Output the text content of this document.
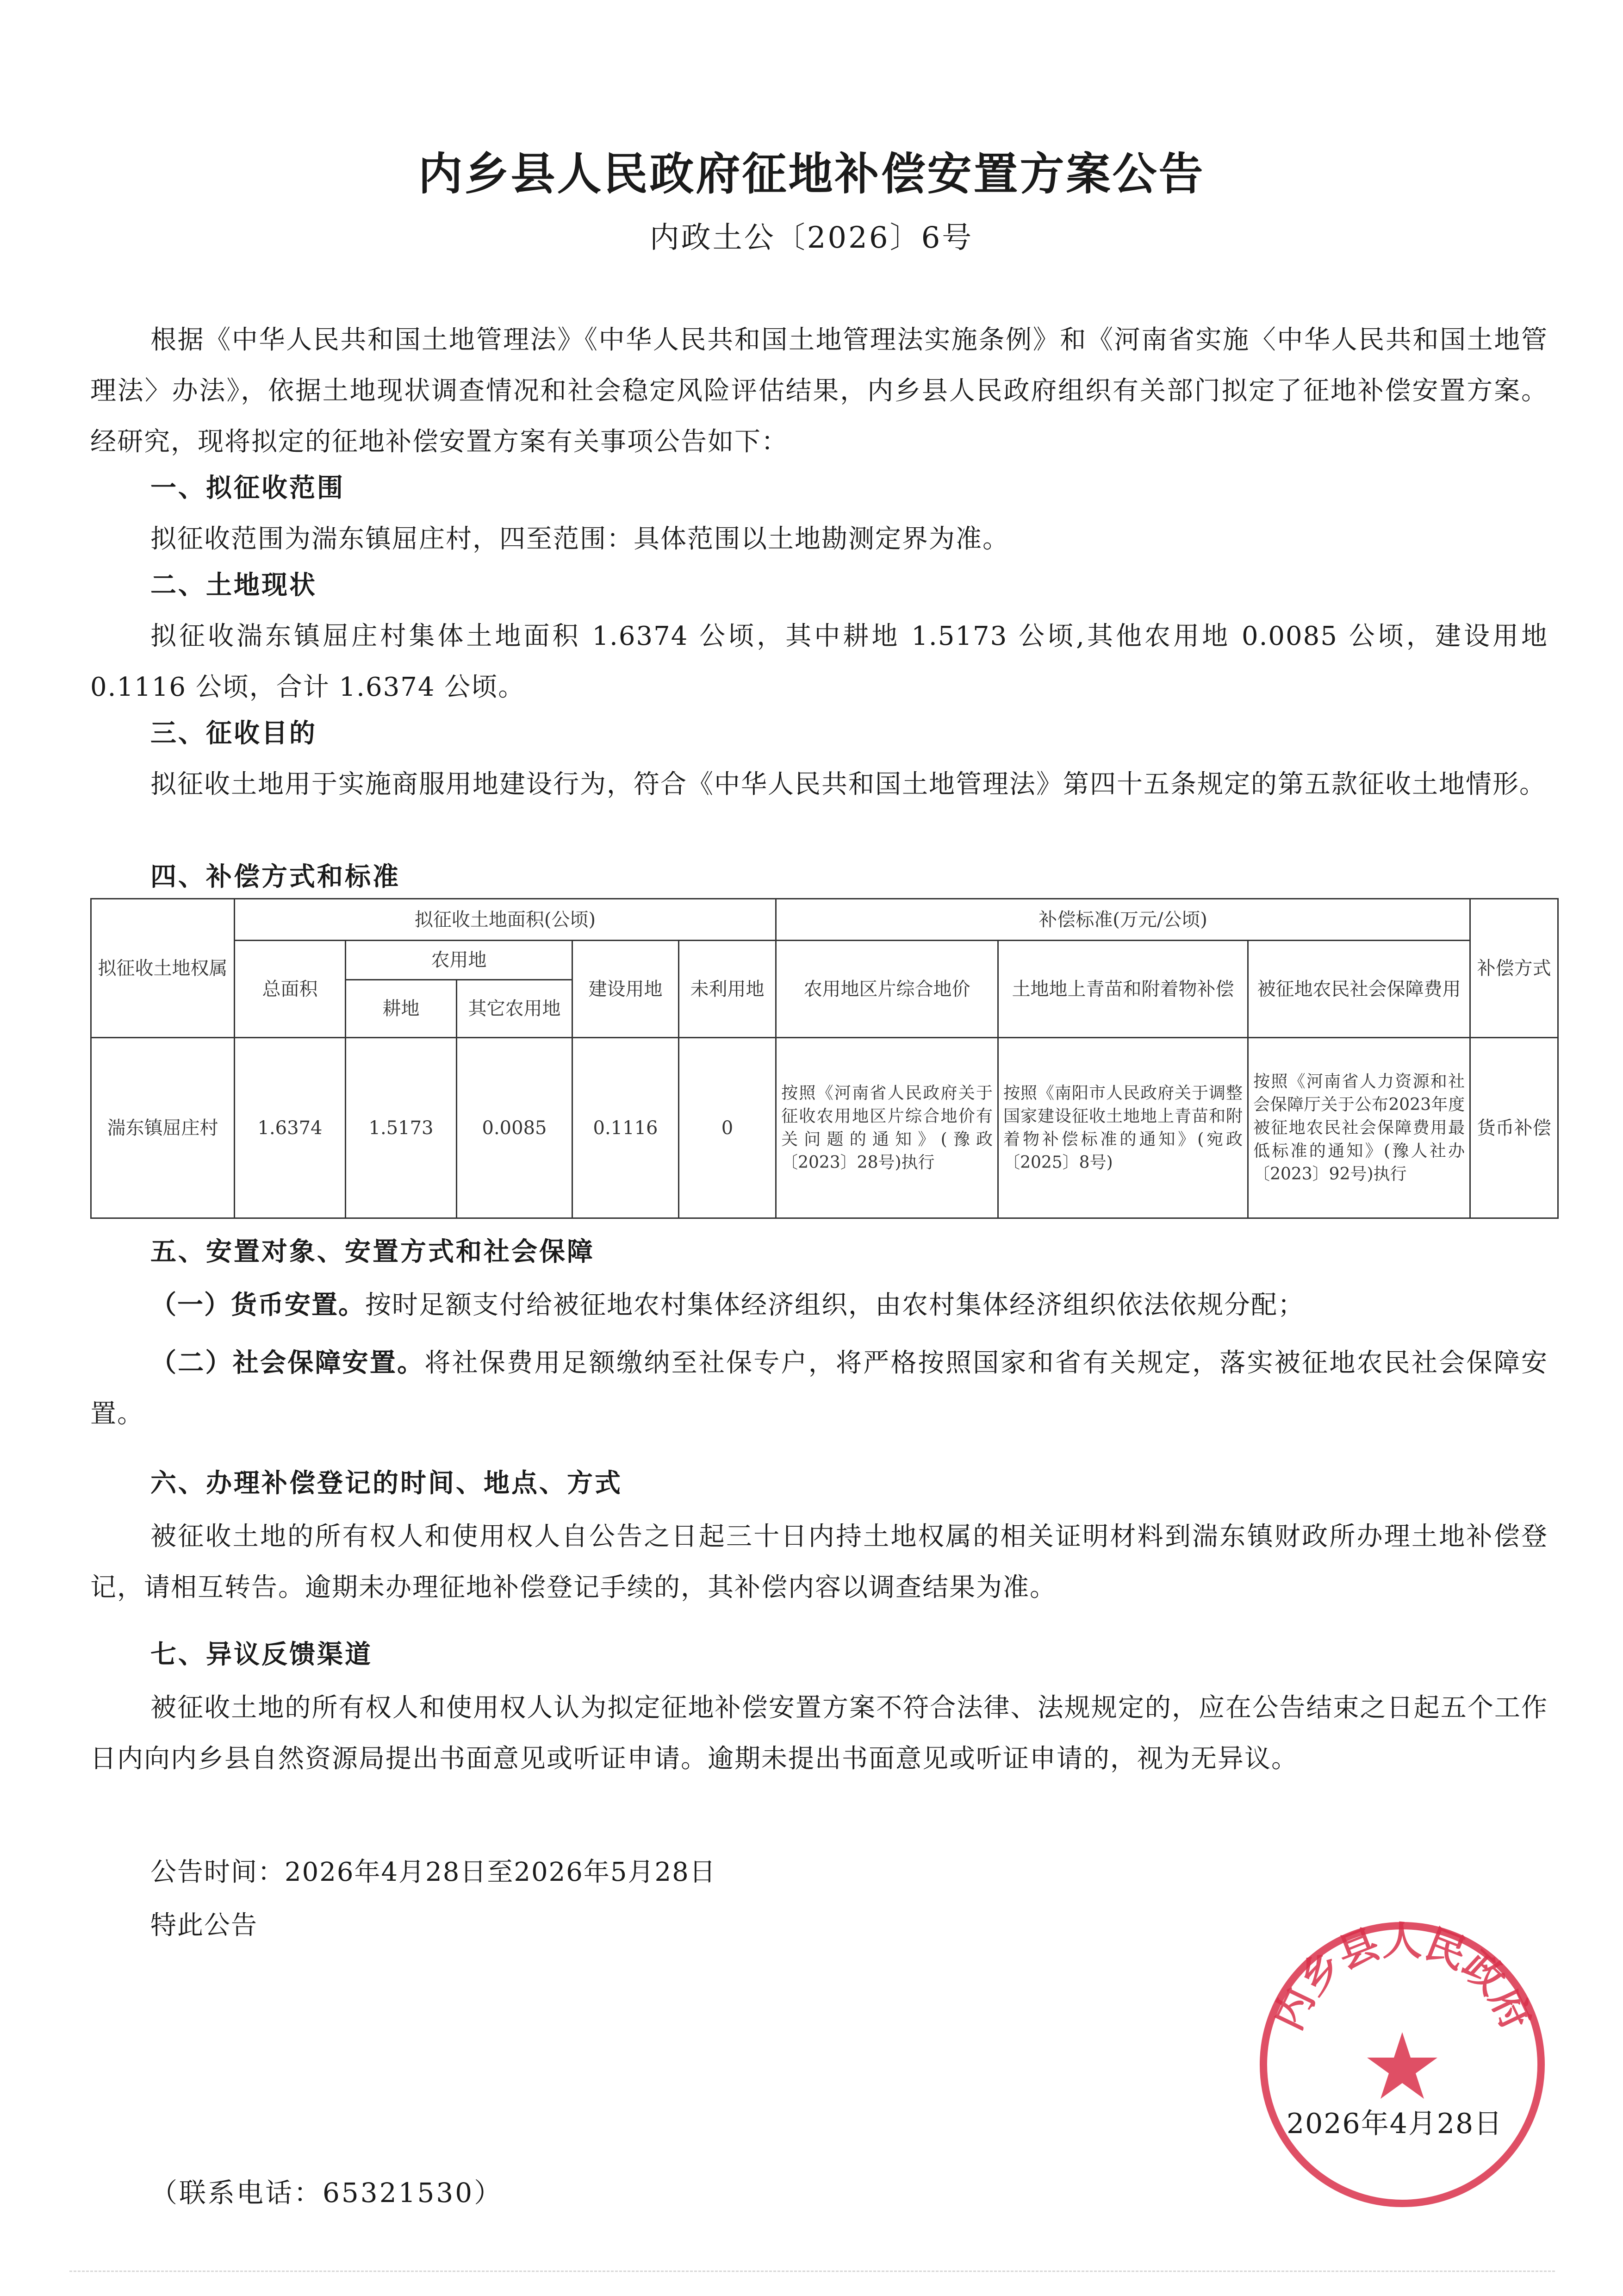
内乡县人民政府征地补偿安置方案公告
内政土公〔2026〕6号

根据《中华人民共和国土地管理法》《中华人民共和国土地管理法实施条例》和《河南省实施〈中华人民共和国土地管理法〉办法》，依据土地现状调查情况和社会稳定风险评估结果，内乡县人民政府组织有关部门拟定了征地补偿安置方案。经研究，现将拟定的征地补偿安置方案有关事项公告如下：

一、拟征收范围

拟征收范围为湍东镇屈庄村，四至范围：具体范围以土地勘测定界为准。

二、土地现状

拟征收湍东镇屈庄村集体土地面积 1.6374 公顷，其中耕地 1.5173 公顷,其他农用地 0.0085 公顷，建设用地 0.1116 公顷，合计 1.6374 公顷。

三、征收目的

拟征收土地用于实施商服用地建设行为，符合《中华人民共和国土地管理法》第四十五条规定的第五款征收土地情形。

四、补偿方式和标准
拟征收土地权属	拟征收土地面积(公顷)					补偿标准(万元/公顷)			补偿方式
	总面积	农用地		建设用地	未利用地	农用地区片综合地价	土地地上青苗和附着物补偿	被征地农民社会保障费用	
		耕地	其它农用地						
湍东镇屈庄村	1.6374	1.5173	0.0085	0.1116	0	按照《河南省人民政府关于征收农用地区片综合地价有关问题的通知》(豫政〔2023〕28号)执行	按照《南阳市人民政府关于调整国家建设征收土地地上青苗和附着物补偿标准的通知》(宛政〔2025〕8号)	按照《河南省人力资源和社会保障厅关于公布2023年度被征地农民社会保障费用最低标准的通知》(豫人社办〔2023〕92号)执行	货币补偿
五、安置对象、安置方式和社会保障

（一）货币安置。按时足额支付给被征地农村集体经济组织，由农村集体经济组织依法依规分配；

（二）社会保障安置。将社保费用足额缴纳至社保专户，将严格按照国家和省有关规定，落实被征地农民社会保障安置。

六、办理补偿登记的时间、地点、方式

被征收土地的所有权人和使用权人自公告之日起三十日内持土地权属的相关证明材料到湍东镇财政所办理土地补偿登记，请相互转告。逾期未办理征地补偿登记手续的，其补偿内容以调查结果为准。

七、异议反馈渠道

被征收土地的所有权人和使用权人认为拟定征地补偿安置方案不符合法律、法规规定的，应在公告结束之日起五个工作日内向内乡县自然资源局提出书面意见或听证申请。逾期未提出书面意见或听证申请的，视为无异议。

公告时间：2026年4月28日至2026年5月28日

特此公告

内乡县人民政府
2026年4月28日
（联系电话：65321530）
